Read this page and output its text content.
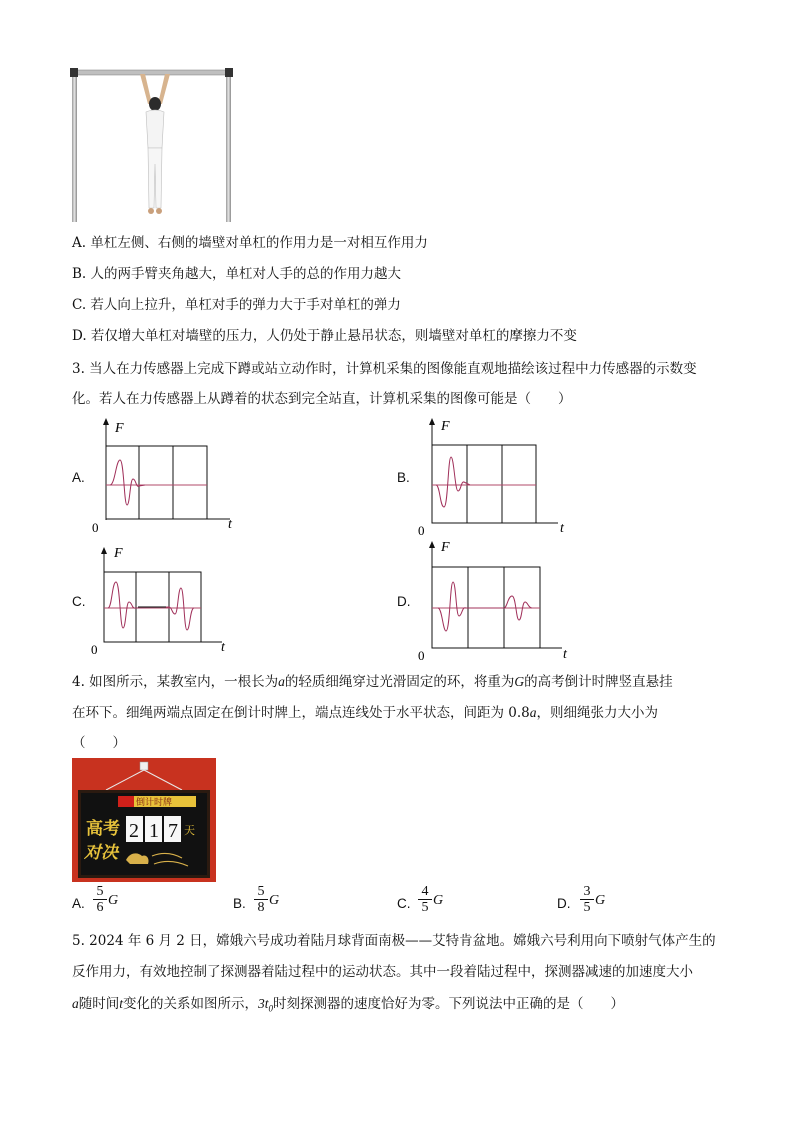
A. 单杠左侧、右侧的墙壁对单杠的作用力是一对相互作用力
B. 人的两手臂夹角越大，单杠对人手的总的作用力越大
C. 若人向上拉升，单杠对手的弹力大于手对单杠的弹力
D. 若仅增大单杠对墙壁的压力，人仍处于静止悬吊状态，则墙壁对单杠的摩擦力不变
3. 当人在力传感器上完成下蹲或站立动作时，计算机采集的图像能直观地描绘该过程中力传感器的示数变
化。若人在力传感器上从蹲着的状态到完全站直，计算机采集的图像可能是（　　）
A.
F
t
0
B.
F
t
0
C.
F
t
0
D.
F
t
0
4. 如图所示，某教室内，一根长为a的轻质细绳穿过光滑固定的环，将重为G的高考倒计时牌竖直悬挂
在环下。细绳两端点固定在倒计时牌上，端点连线处于水平状态，间距为 0.8a，则细绳张力大小为
（　　）
倒计时牌
高考
对决
2 1 7 天
A. $\frac{5}{6}$ G	B. $\frac{5}{8}$ G	C. $\frac{4}{5}$ G	D. $\frac{3}{5}$ G
5. 2024 年 6 月 2 日，嫦娥六号成功着陆月球背面南极——艾特肯盆地。嫦娥六号利用向下喷射气体产生的
反作用力，有效地控制了探测器着陆过程中的运动状态。其中一段着陆过程中，探测器减速的加速度大小
a随时间t变化的关系如图所示，$3t_0$时刻探测器的速度恰好为零。下列说法中正确的是（　　）
